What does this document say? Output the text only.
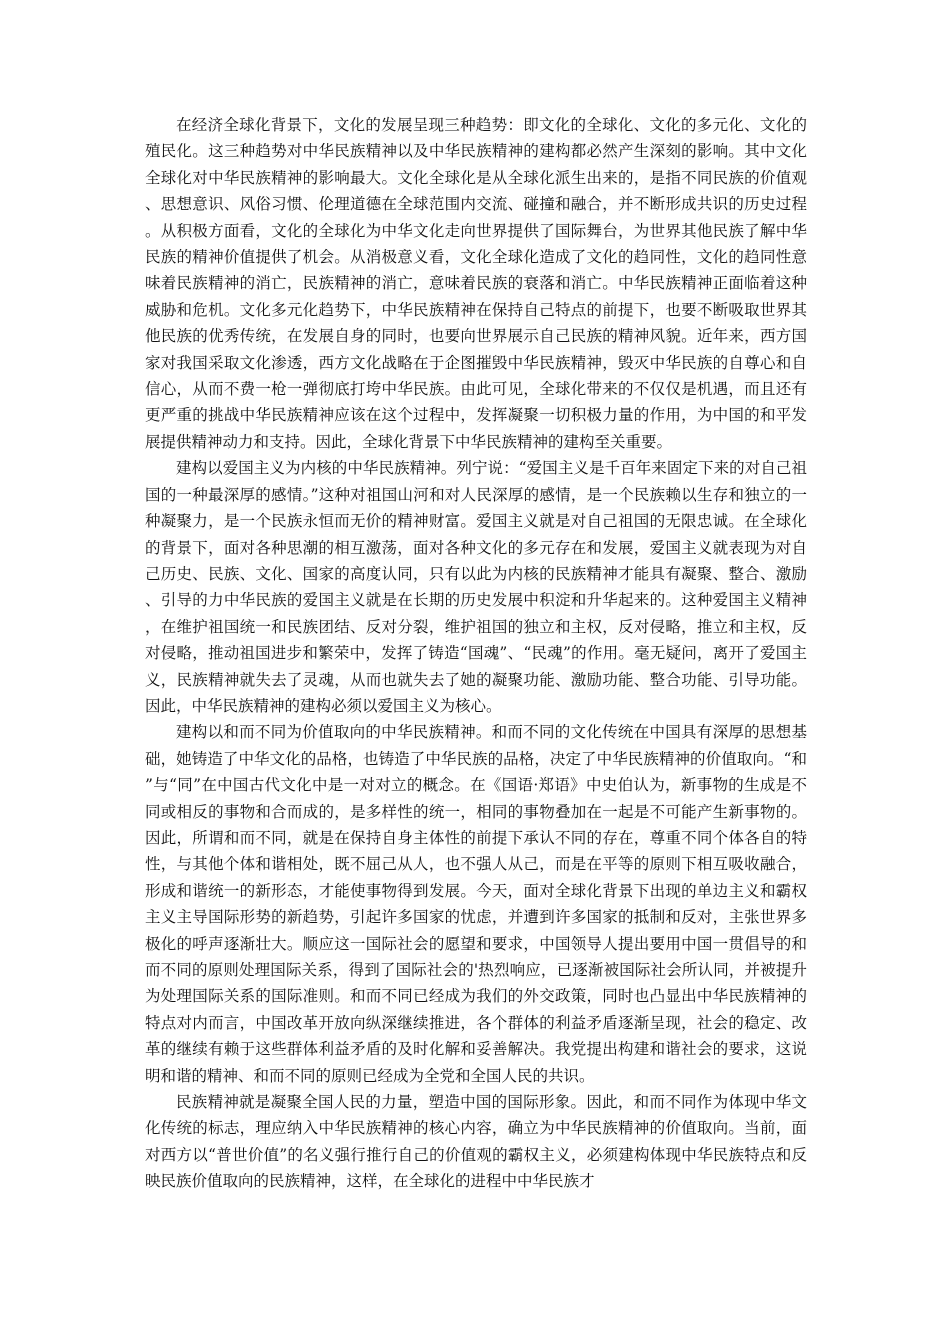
在经济全球化背景下，文化的发展呈现三种趋势：即文化的全球化、文化的多元化、文化的殖民化。这三种趋势对中华民族精神以及中华民族精神的建构都必然产生深刻的影响。其中文化全球化对中华民族精神的影响最大。文化全球化是从全球化派生出来的，是指不同民族的价值观、思想意识、风俗习惯、伦理道德在全球范围内交流、碰撞和融合，并不断形成共识的历史过程。从积极方面看，文化的全球化为中华文化走向世界提供了国际舞台，为世界其他民族了解中华民族的精神价值提供了机会。从消极意义看，文化全球化造成了文化的趋同性，文化的趋同性意味着民族精神的消亡，民族精神的消亡，意味着民族的衰落和消亡。中华民族精神正面临着这种威胁和危机。文化多元化趋势下，中华民族精神在保持自己特点的前提下，也要不断吸取世界其他民族的优秀传统，在发展自身的同时，也要向世界展示自己民族的精神风貌。近年来，西方国家对我国采取文化渗透，西方文化战略在于企图摧毁中华民族精神，毁灭中华民族的自尊心和自信心，从而不费一枪一弹彻底打垮中华民族。由此可见，全球化带来的不仅仅是机遇，而且还有更严重的挑战中华民族精神应该在这个过程中，发挥凝聚一切积极力量的作用，为中国的和平发展提供精神动力和支持。因此，全球化背景下中华民族精神的建构至关重要。

建构以爱国主义为内核的中华民族精神。列宁说：“爱国主义是千百年来固定下来的对自己祖国的一种最深厚的感情。”这种对祖国山河和对人民深厚的感情，是一个民族赖以生存和独立的一种凝聚力，是一个民族永恒而无价的精神财富。爱国主义就是对自己祖国的无限忠诚。在全球化的背景下，面对各种思潮的相互激荡，面对各种文化的多元存在和发展，爱国主义就表现为对自己历史、民族、文化、国家的高度认同，只有以此为内核的民族精神才能具有凝聚、整合、激励、引导的力中华民族的爱国主义就是在长期的历史发展中积淀和升华起来的。这种爱国主义精神，在维护祖国统一和民族团结、反对分裂，维护祖国的独立和主权，反对侵略，推立和主权，反对侵略，推动祖国进步和繁荣中，发挥了铸造“国魂”、“民魂”的作用。毫无疑问，离开了爱国主义，民族精神就失去了灵魂，从而也就失去了她的凝聚功能、激励功能、整合功能、引导功能。因此，中华民族精神的建构必须以爱国主义为核心。

建构以和而不同为价值取向的中华民族精神。和而不同的文化传统在中国具有深厚的思想基础，她铸造了中华文化的品格，也铸造了中华民族的品格，决定了中华民族精神的价值取向。“和”与“同”在中国古代文化中是一对对立的概念。在《国语·郑语》中史伯认为，新事物的生成是不同或相反的事物和合而成的，是多样性的统一，相同的事物叠加在一起是不可能产生新事物的。因此，所谓和而不同，就是在保持自身主体性的前提下承认不同的存在，尊重不同个体各自的特性，与其他个体和谐相处，既不屈己从人，也不强人从己，而是在平等的原则下相互吸收融合，形成和谐统一的新形态，才能使事物得到发展。今天，面对全球化背景下出现的单边主义和霸权主义主导国际形势的新趋势，引起许多国家的忧虑，并遭到许多国家的抵制和反对，主张世界多极化的呼声逐渐壮大。顺应这一国际社会的愿望和要求，中国领导人提出要用中国一贯倡导的和而不同的原则处理国际关系，得到了国际社会的'热烈响应，已逐渐被国际社会所认同，并被提升为处理国际关系的国际准则。和而不同已经成为我们的外交政策，同时也凸显出中华民族精神的特点对内而言，中国改革开放向纵深继续推进，各个群体的利益矛盾逐渐呈现，社会的稳定、改革的继续有赖于这些群体利益矛盾的及时化解和妥善解决。我党提出构建和谐社会的要求，这说明和谐的精神、和而不同的原则已经成为全党和全国人民的共识。

民族精神就是凝聚全国人民的力量，塑造中国的国际形象。因此，和而不同作为体现中华文化传统的标志，理应纳入中华民族精神的核心内容，确立为中华民族精神的价值取向。当前，面对西方以“普世价值”的名义强行推行自己的价值观的霸权主义，必须建构体现中华民族特点和反映民族价值取向的民族精神，这样，在全球化的进程中中华民族才
